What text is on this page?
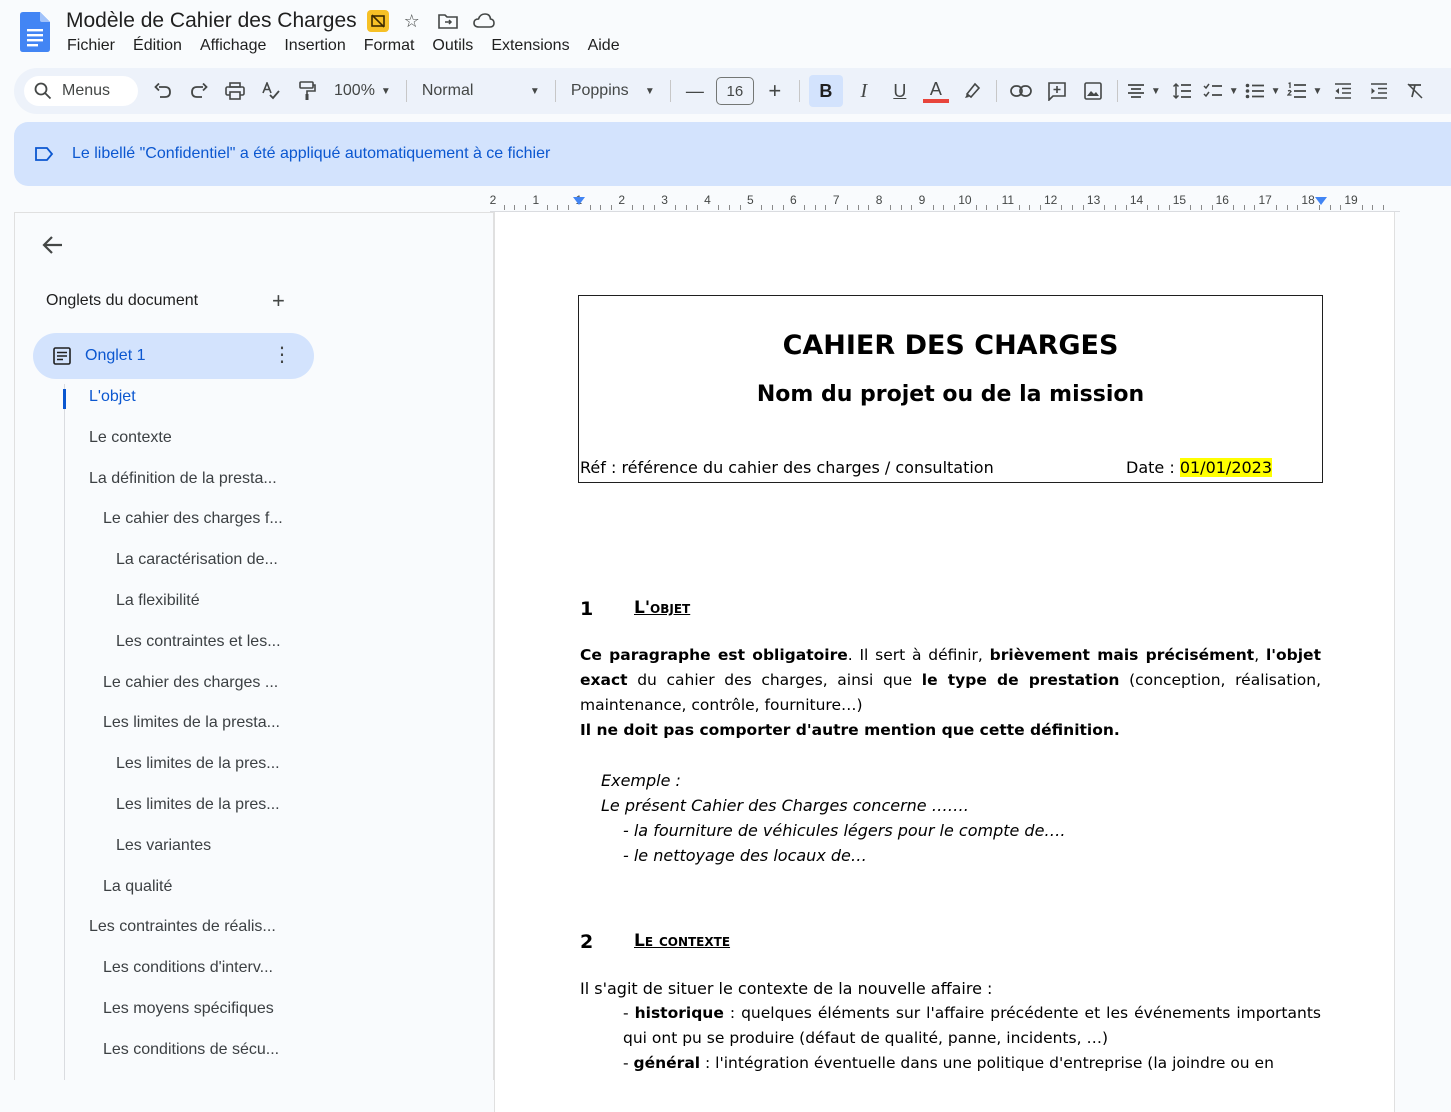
Modèle de Cahier des Charges	☆
Fichier	Édition	Affichage	Insertion	Format	Outils	Extensions	Aide
Menus	100% ▼ Normal	▼ Poppins ▼	—	16	+	B	I	U	A	▼	▼	▼	▼
Le libellé "Confidentiel" a été appliqué automatiquement à ce fichier
2	1	1	2	3	4	5	6	7	8	9	10 11 12 13 14 15 16 17 18 19
Onglets du document	+
Onglet 1	⋮
L'objet
Le contexte
La définition de la presta...
Le cahier des charges f...
La caractérisation de...
La flexibilité
Les contraintes et les...
Le cahier des charges ...
Les limites de la presta...
Les limites de la pres...
Les limites de la pres...
Les variantes
La qualité
Les contraintes de réalis...
Les conditions d'interv...
Les moyens spécifiques
Les conditions de sécu...
CAHIER DES CHARGES
Nom du projet ou de la mission
Réf : référence du cahier des charges / consultation	Date : 01/01/2023
1 L'objet
Ce paragraphe est obligatoire. Il sert à définir, brièvement mais précisément, l'objet exact du cahier des charges, ainsi que le type de prestation (conception, réalisation, maintenance, contrôle, fourniture…)
Il ne doit pas comporter d'autre mention que cette définition.
Exemple :
Le présent Cahier des Charges concerne …….
- la fourniture de véhicules légers pour le compte de….
- le nettoyage des locaux de…
2 Le contexte
Il s'agit de situer le contexte de la nouvelle affaire :
- historique : quelques éléments sur l'affaire précédente et les événements importants qui ont pu se produire (défaut de qualité, panne, incidents, …)
- général : l'intégration éventuelle dans une politique d'entreprise (la joindre ou en
